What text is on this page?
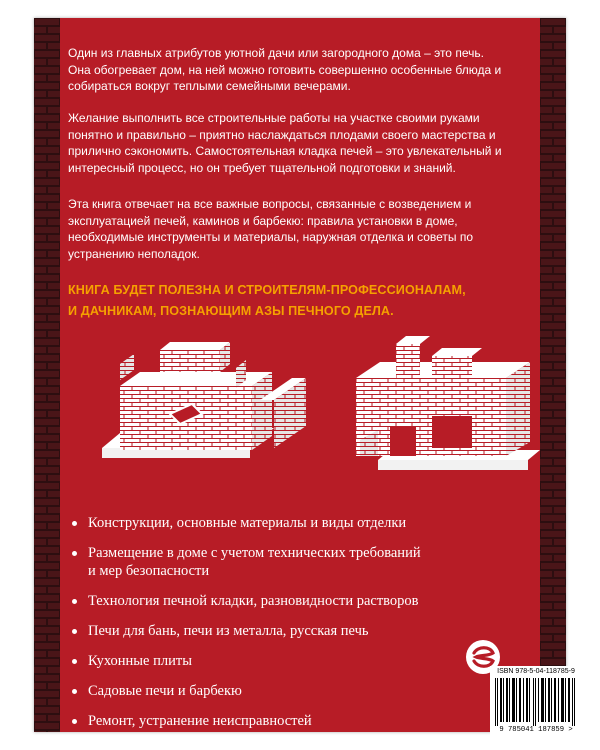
Один из главных атрибутов уютной дачи или загородного дома – это печь. Она обогревает дом, на ней можно готовить совершенно особенные блюда и собираться вокруг теплыми семейными вечерами.

Желание выполнить все строительные работы на участке своими руками понятно и правильно – приятно наслаждаться плодами своего мастерства и прилично сэкономить. Самостоятельная кладка печей – это увлекательный и интересный процесс, но он требует тщательной подготовки и знаний.

Эта книга отвечает на все важные вопросы, связанные с возведением и эксплуатацией печей, каминов и барбекю: правила установки в доме, необходимые инструменты и материалы, наружная отделка и советы по устранению неполадок.

КНИГА БУДЕТ ПОЛЕЗНА И СТРОИТЕЛЯМ-ПРОФЕССИОНАЛАМ,
И ДАЧНИКАМ, ПОЗНАЮЩИМ АЗЫ ПЕЧНОГО ДЕЛА.
Конструкции, основные материалы и виды отделки
Размещение в доме с учетом технических требований
и мер безопасности
Технология печной кладки, разновидности растворов
Печи для бань, печи из металла, русская печь
Кухонные плиты
Садовые печи и барбекю
Ремонт, устранение неисправностей
ISBN 978-5-04-118785-9
9 785041 187859 >
